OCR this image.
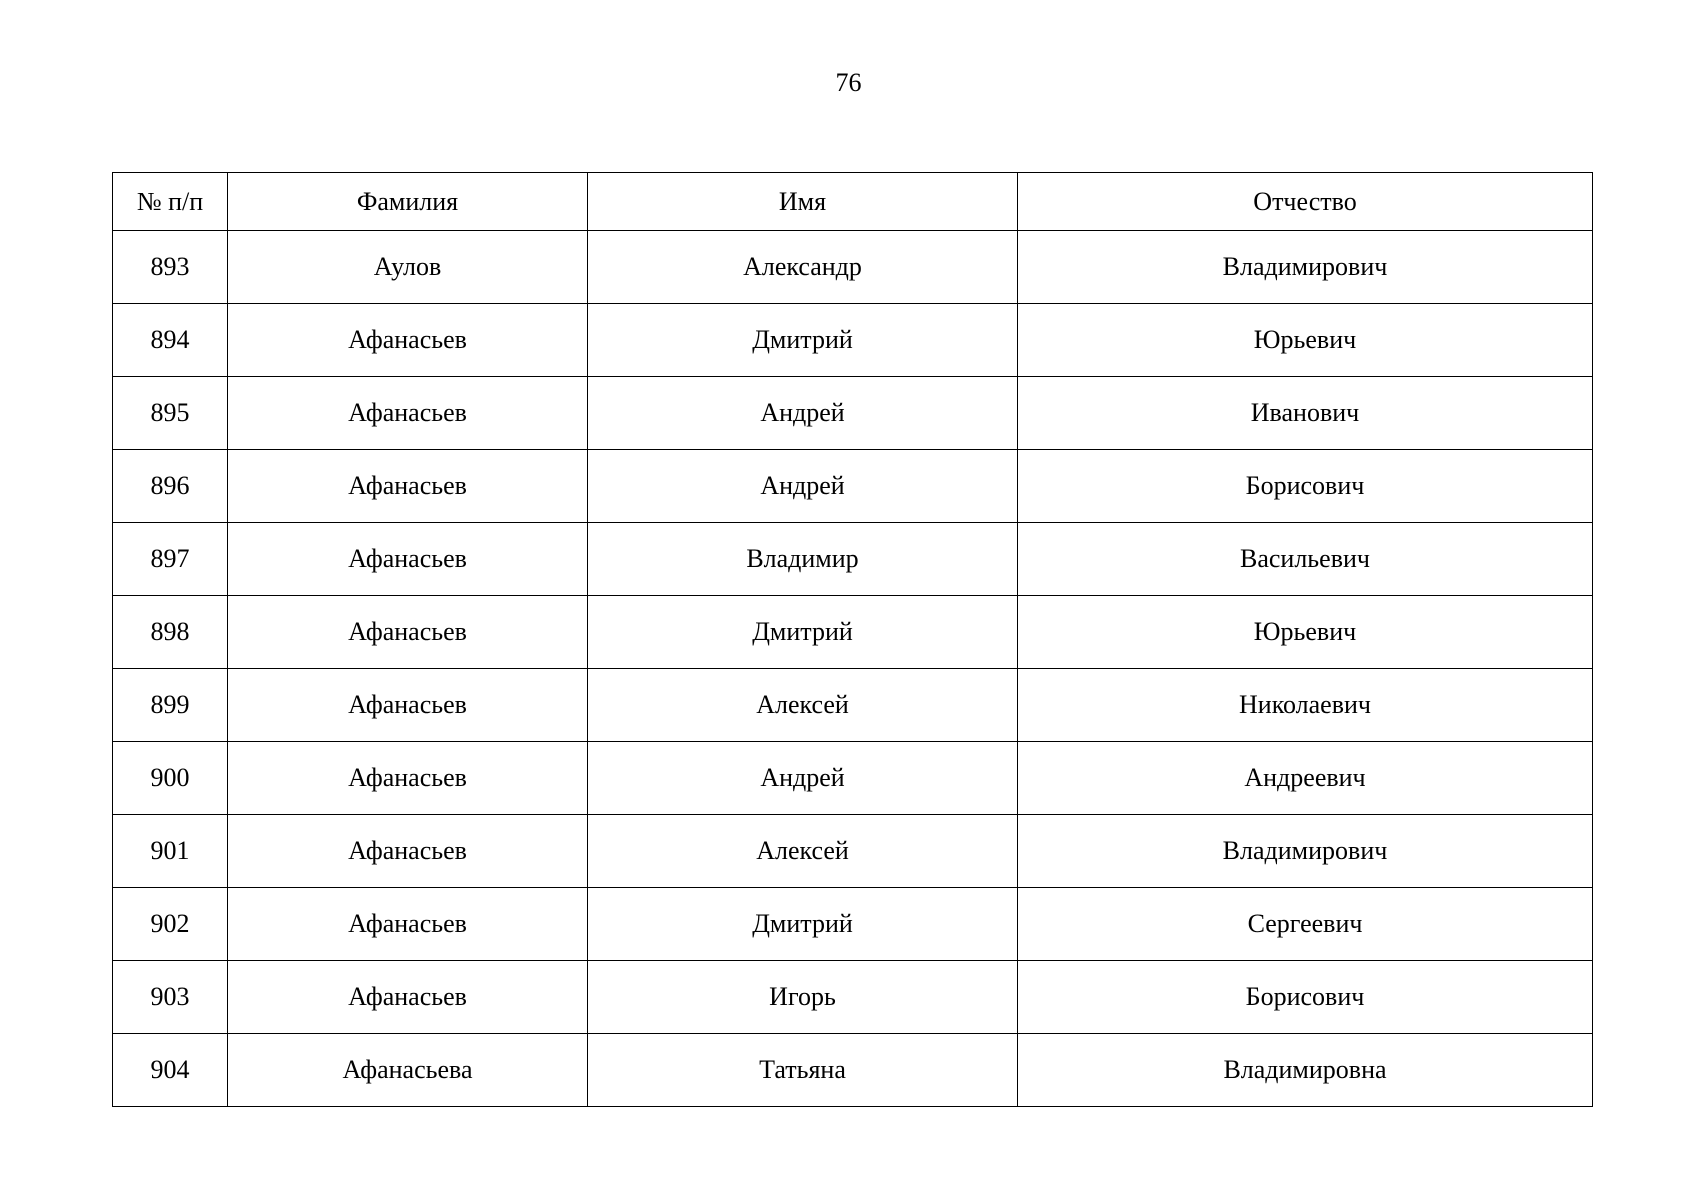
76
№ п/п	Фамилия	Имя	Отчество
893	Аулов	Александр	Владимирович
894	Афанасьев	Дмитрий	Юрьевич
895	Афанасьев	Андрей	Иванович
896	Афанасьев	Андрей	Борисович
897	Афанасьев	Владимир	Васильевич
898	Афанасьев	Дмитрий	Юрьевич
899	Афанасьев	Алексей	Николаевич
900	Афанасьев	Андрей	Андреевич
901	Афанасьев	Алексей	Владимирович
902	Афанасьев	Дмитрий	Сергеевич
903	Афанасьев	Игорь	Борисович
904	Афанасьева	Татьяна	Владимировна
